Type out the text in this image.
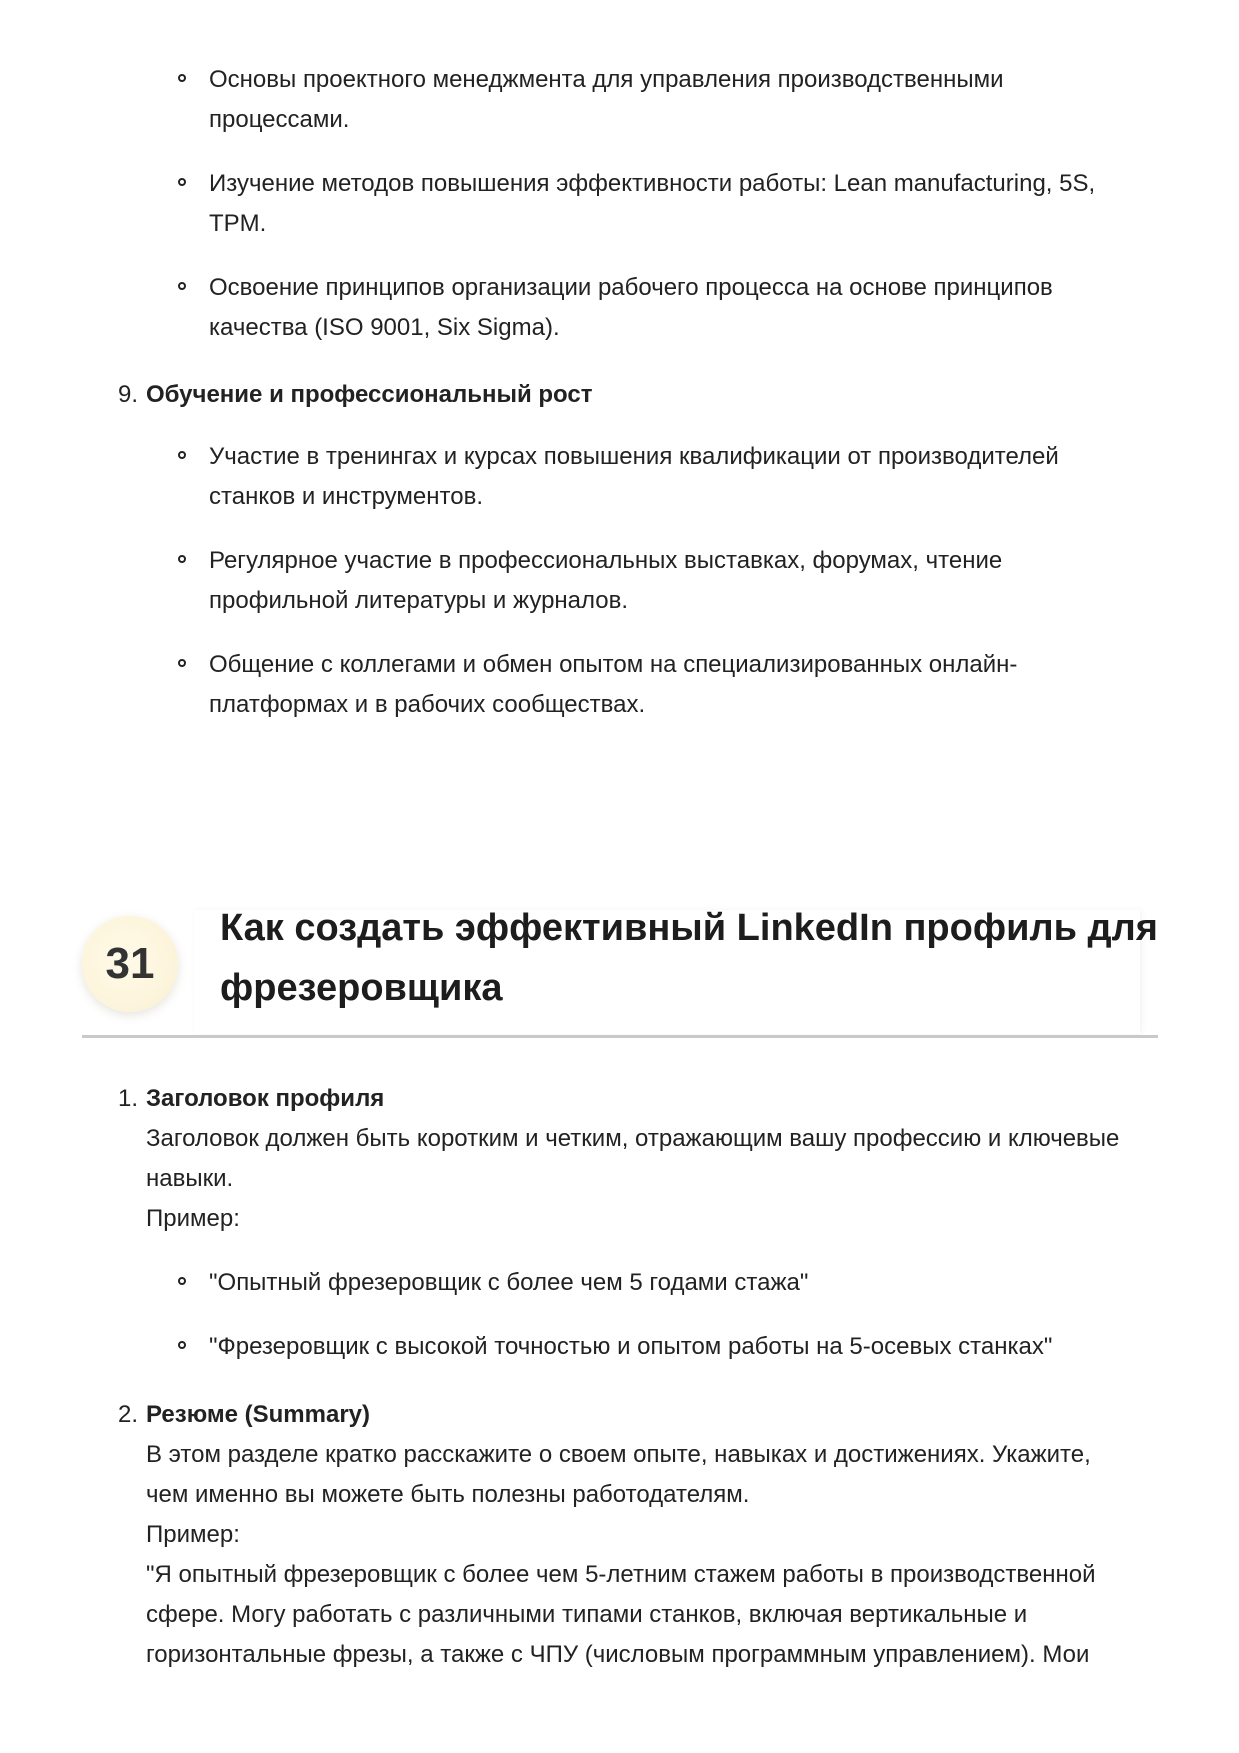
Основы проектного менеджмента для управления производственными процессами.
Изучение методов повышения эффективности работы: Lean manufacturing, 5S, TPM.
Освоение принципов организации рабочего процесса на основе принципов качества (ISO 9001, Six Sigma).
9. Обучение и профессиональный рост
Участие в тренингах и курсах повышения квалификации от производителей станков и инструментов.
Регулярное участие в профессиональных выставках, форумах, чтение профильной литературы и журналов.
Общение с коллегами и обмен опытом на специализированных онлайн-платформах и в рабочих сообществах.
31
Как создать эффективный LinkedIn профиль для фрезеровщика
1. Заголовок профиля
Заголовок должен быть коротким и четким, отражающим вашу профессию и ключевые навыки.
Пример:
"Опытный фрезеровщик с более чем 5 годами стажа"
"Фрезеровщик с высокой точностью и опытом работы на 5-осевых станках"
2. Резюме (Summary)
В этом разделе кратко расскажите о своем опыте, навыках и достижениях. Укажите, чем именно вы можете быть полезны работодателям.
Пример:
"Я опытный фрезеровщик с более чем 5-летним стажем работы в производственной сфере. Могу работать с различными типами станков, включая вертикальные и горизонтальные фрезы, а также с ЧПУ (числовым программным управлением). Мои
